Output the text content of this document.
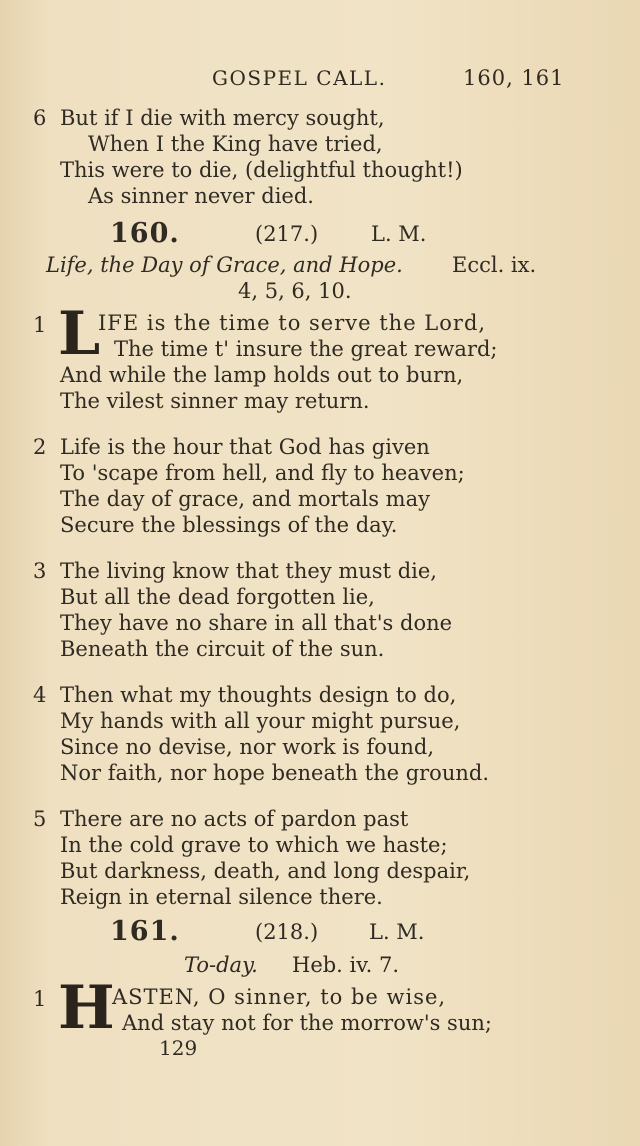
GOSPEL CALL.	160, 161
6 But if I die with mercy sought,
When I the King have tried,
This were to die, (delightful thought!)
As sinner never died.
160.	(217.)	L. M.
Life, the Day of Grace, and Hope. Eccl. ix.
4, 5, 6, 10.
1 L
IFE is the time to serve the Lord,
The time t' insure the great reward;
And while the lamp holds out to burn,
The vilest sinner may return.
2 Life is the hour that God has given
To 'scape from hell, and fly to heaven;
The day of grace, and mortals may
Secure the blessings of the day.
3 The living know that they must die,
But all the dead forgotten lie,
They have no share in all that's done
Beneath the circuit of the sun.
4 Then what my thoughts design to do,
My hands with all your might pursue,
Since no devise, nor work is found,
Nor faith, nor hope beneath the ground.
5 There are no acts of pardon past
In the cold grave to which we haste;
But darkness, death, and long despair,
Reign in eternal silence there.
161.	(218.) L. M.
To-day. Heb. iv. 7.
1 H
ASTEN, O sinner, to be wise,
And stay not for the morrow's sun;
129
